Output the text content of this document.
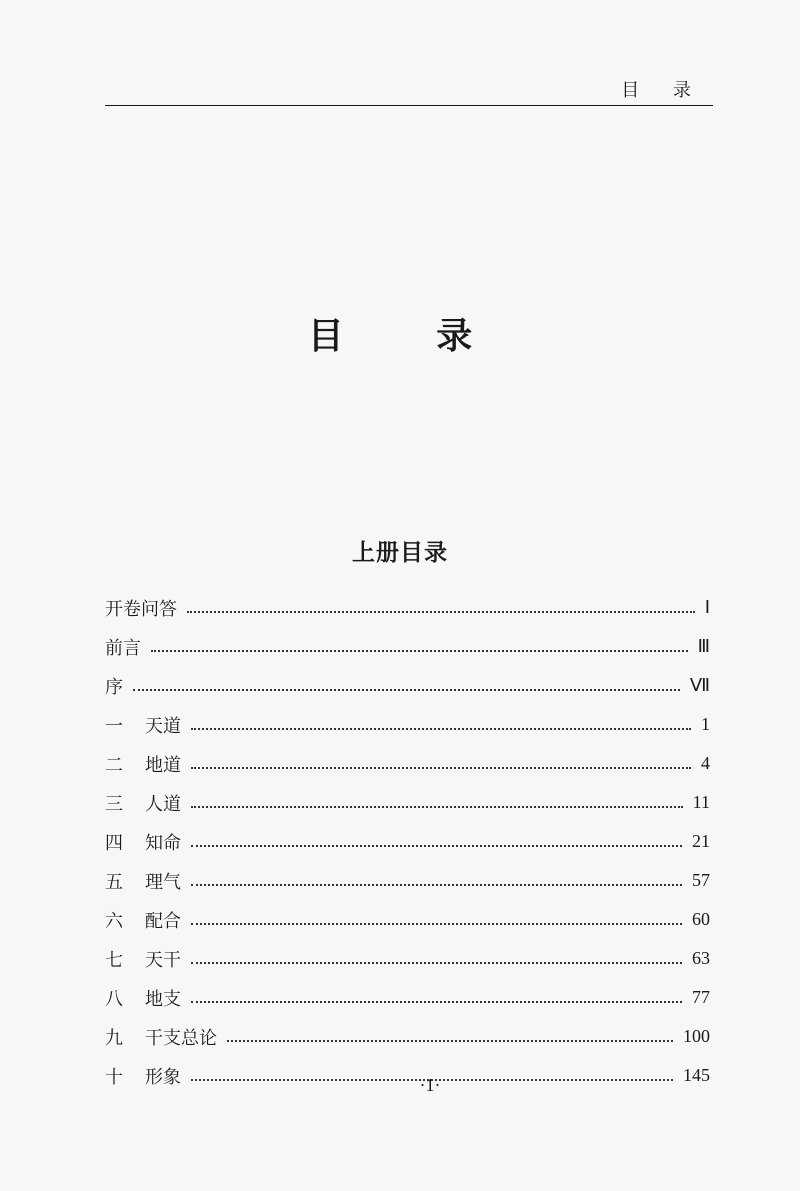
目 录
目 录
上册目录
开卷问答	Ⅰ
前言	Ⅲ
序	Ⅶ
一	天道	1
二	地道	4
三	人道	11
四	知命	21
五	理气	57
六	配合	60
七	天干	63
八	地支	77
九	干支总论	100
十	形象	145
·1·
